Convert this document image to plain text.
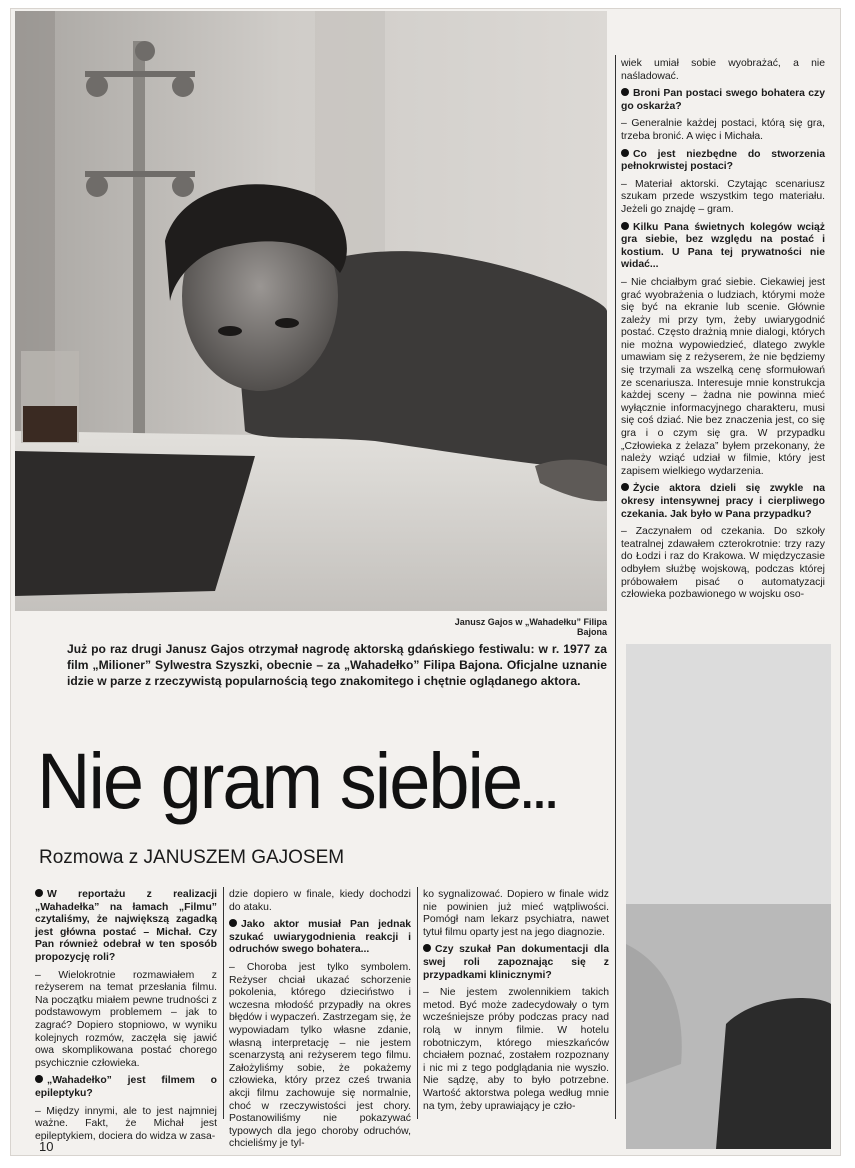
Janusz Gajos w „Wahadełku” Filipa Bajona
Już po raz drugi Janusz Gajos otrzymał nagrodę aktorską gdańskiego festiwalu: w r. 1977 za film „Milioner” Sylwestra Szyszki, obecnie – za „Wahadełko” Filipa Bajona. Oficjalne uznanie idzie w parze z rzeczywistą popularnością tego znakomitego i chętnie oglądanego aktora.
Nie gram siebie...
Rozmowa z JANUSZEM GAJOSEM

W reportażu z realizacji „Wahadełka” na łamach „Filmu” czytaliśmy, że największą zagadką jest główna postać – Michał. Czy Pan również odebrał w ten sposób propozycję roli?

– Wielokrotnie rozmawiałem z reżyserem na temat przesłania filmu. Na początku miałem pewne trudności z podstawowym problemem – jak to zagrać? Dopiero stopniowo, w wyniku kolejnych rozmów, zaczęła się jawić owa skomplikowana postać chorego psychicznie człowieka.

„Wahadełko” jest filmem o epileptyku?

– Między innymi, ale to jest najmniej ważne. Fakt, że Michał jest epileptykiem, dociera do widza w zasa-

dzie dopiero w finale, kiedy dochodzi do ataku.

Jako aktor musiał Pan jednak szukać uwiarygodnienia reakcji i odruchów swego bohatera...

– Choroba jest tylko symbolem. Reżyser chciał ukazać schorzenie pokolenia, którego dzieciństwo i wczesna młodość przypadły na okres błędów i wypaczeń. Zastrzegam się, że wypowiadam tylko własne zdanie, własną interpretację – nie jestem scenarzystą ani reżyserem tego filmu. Założyliśmy sobie, że pokażemy człowieka, który przez cześ trwania akcji filmu zachowuje się normalnie, choć w rzeczywistości jest chory. Postanowiliśmy nie pokazywać typowych dla jego choroby odruchów, chcieliśmy je tyl-

ko sygnalizować. Dopiero w finale widz nie powinien już mieć wątpliwości. Pomógł nam lekarz psychiatra, nawet tytuł filmu oparty jest na jego diagnozie.

Czy szukał Pan dokumentacji dla swej roli zapoznając się z przypadkami klinicznymi?

– Nie jestem zwolennikiem takich metod. Być może zadecydowały o tym wcześniejsze próby podczas pracy nad rolą w innym filmie. W hotelu robotniczym, którego mieszkańców chciałem poznać, zostałem rozpoznany i nic mi z tego podglądania nie wyszło. Nie sądzę, aby to było potrzebne. Wartość aktorstwa polega według mnie na tym, żeby uprawiający je czło-

wiek umiał sobie wyobrażać, a nie naśladować.

Broni Pan postaci swego bohatera czy go oskarża?

– Generalnie każdej postaci, którą się gra, trzeba bronić. A więc i Michała.

Co jest niezbędne do stworzenia pełnokrwistej postaci?

– Materiał aktorski. Czytając scenariusz szukam przede wszystkim tego materiału. Jeżeli go znajdę – gram.

Kilku Pana świetnych kolegów wciąż gra siebie, bez względu na postać i kostium. U Pana tej prywatności nie widać...

– Nie chciałbym grać siebie. Ciekawiej jest grać wyobrażenia o ludziach, którymi może się być na ekranie lub scenie. Głównie zależy mi przy tym, żeby uwiarygodnić postać. Często drażnią mnie dialogi, których nie można wypowiedzieć, dlatego zwykle umawiam się z reżyserem, że nie będziemy się trzymali za wszelką cenę sformułowań ze scenariusza. Interesuje mnie konstrukcja każdej sceny – żadna nie powinna mieć wyłącznie informacyjnego charakteru, musi się coś dziać. Nie bez znaczenia jest, co się gra i o czym się gra. W przypadku „Człowieka z żelaza” byłem przekonany, że należy wziąć udział w filmie, który jest zapisem wielkiego wydarzenia.

Życie aktora dzieli się zwykle na okresy intensywnej pracy i cierpliwego czekania. Jak było w Pana przypadku?

– Zaczynałem od czekania. Do szkoły teatralnej zdawałem czterokrotnie: trzy razy do Łodzi i raz do Krakowa. W międzyczasie odbyłem służbę wojskową, podczas której próbowałem pisać o automatyzacji człowieka pozbawionego w wojsku oso-

10
